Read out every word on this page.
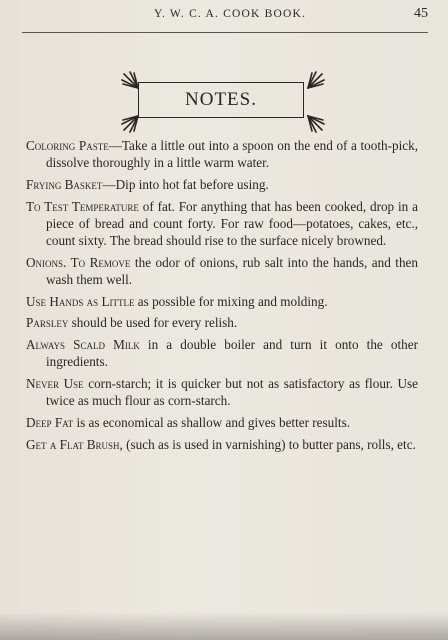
Y. W. C. A. COOK BOOK.	45
NOTES.

Coloring Paste—Take a little out into a spoon on the end of a tooth-pick, dissolve thoroughly in a little warm water.

Frying Basket—Dip into hot fat before using.

To Test Temperature of fat. For anything that has been cooked, drop in a piece of bread and count forty. For raw food—potatoes, cakes, etc., count sixty. The bread should rise to the surface nicely browned.

Onions. To Remove the odor of onions, rub salt into the hands, and then wash them well.

Use Hands as Little as possible for mixing and molding.

Parsley should be used for every relish.

Always Scald Milk in a double boiler and turn it onto the other ingredients.

Never Use corn-starch; it is quicker but not as satisfactory as flour. Use twice as much flour as corn-starch.

Deep Fat is as economical as shallow and gives better results.

Get a Flat Brush, (such as is used in varnishing) to butter pans, rolls, etc.
